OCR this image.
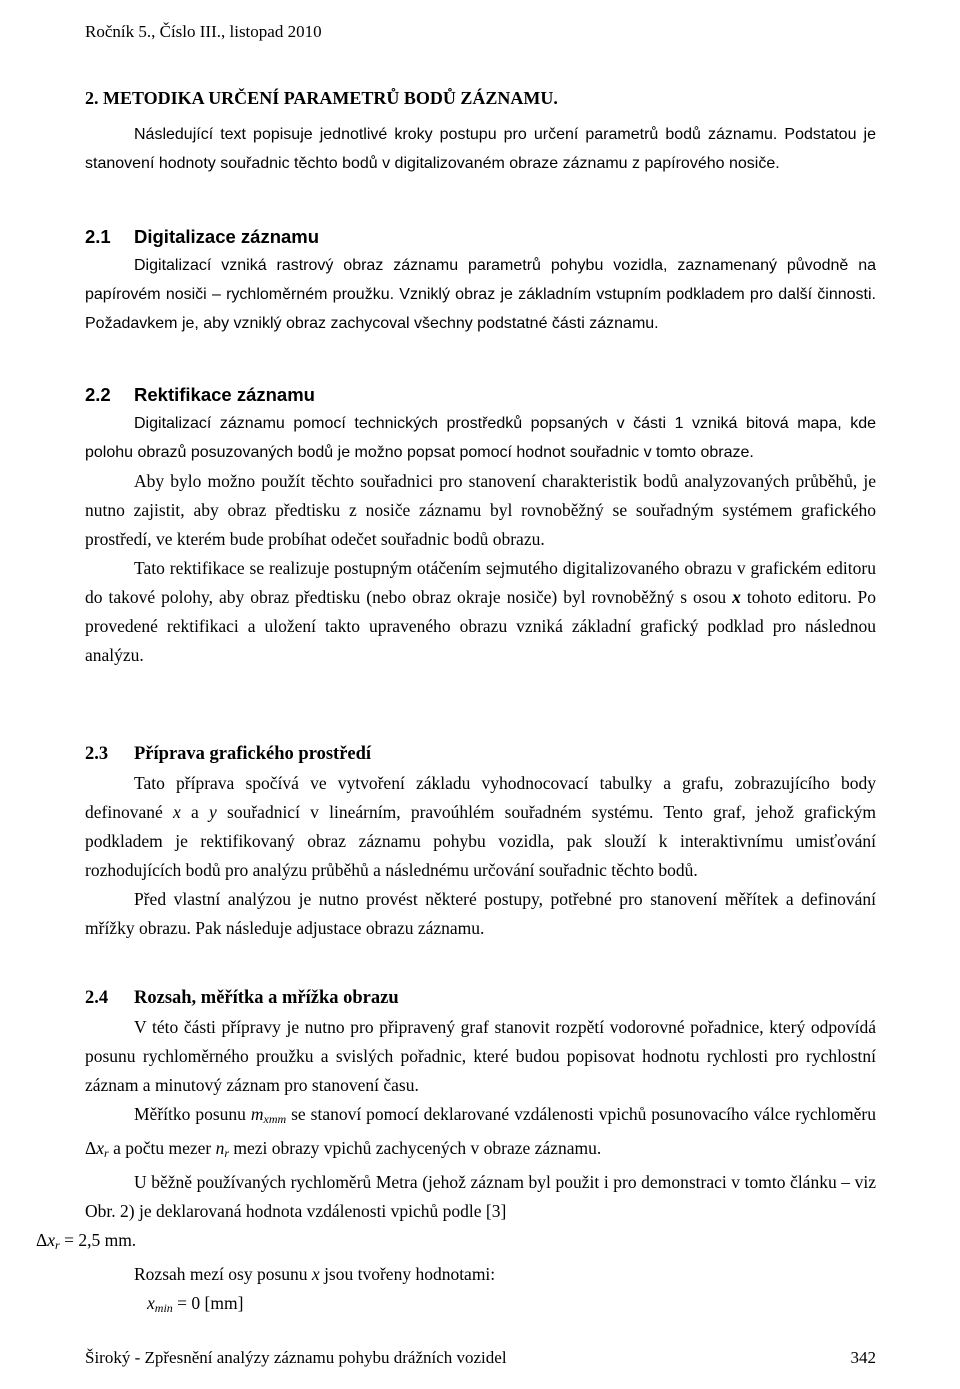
Ročník 5., Číslo III., listopad 2010
2. METODIKA URČENÍ PARAMETRŮ BODŮ ZÁZNAMU.

Následující text popisuje jednotlivé kroky postupu pro určení parametrů bodů záznamu. Podstatou je stanovení hodnoty souřadnic těchto bodů v digitalizovaném obraze záznamu z papírového nosiče.

2.1 Digitalizace záznamu

Digitalizací vzniká rastrový obraz záznamu parametrů pohybu vozidla, zaznamenaný původně na papírovém nosiči – rychloměrném proužku. Vzniklý obraz je základním vstupním podkladem pro další činnosti. Požadavkem je, aby vzniklý obraz zachycoval všechny podstatné části záznamu.

2.2 Rektifikace záznamu

Digitalizací záznamu pomocí technických prostředků popsaných v části 1 vzniká bitová mapa, kde polohu obrazů posuzovaných bodů je možno popsat pomocí hodnot souřadnic v tomto obraze.

Aby bylo možno použít těchto souřadnici pro stanovení charakteristik bodů analyzovaných průběhů, je nutno zajistit, aby obraz předtisku z nosiče záznamu byl rovnoběžný se souřadným systémem grafického prostředí, ve kterém bude probíhat odečet souřadnic bodů obrazu.

Tato rektifikace se realizuje postupným otáčením sejmutého digitalizovaného obrazu v grafickém editoru do takové polohy, aby obraz předtisku (nebo obraz okraje nosiče) byl rovnoběžný s osou x tohoto editoru. Po provedené rektifikaci a uložení takto upraveného obrazu vzniká základní grafický podklad pro následnou analýzu.

2.3 Příprava grafického prostředí

Tato příprava spočívá ve vytvoření základu vyhodnocovací tabulky a grafu, zobrazujícího body definované x a y souřadnicí v lineárním, pravoúhlém souřadném systému. Tento graf, jehož grafickým podkladem je rektifikovaný obraz záznamu pohybu vozidla, pak slouží k interaktivnímu umisťování rozhodujících bodů pro analýzu průběhů a následnému určování souřadnic těchto bodů.

Před vlastní analýzou je nutno provést některé postupy, potřebné pro stanovení měřítek a definování mřížky obrazu. Pak následuje adjustace obrazu záznamu.

2.4 Rozsah, měřítka a mřížka obrazu

V této části přípravy je nutno pro připravený graf stanovit rozpětí vodorovné pořadnice, který odpovídá posunu rychloměrného proužku a svislých pořadnic, které budou popisovat hodnotu rychlosti pro rychlostní záznam a minutový záznam pro stanovení času.

Měřítko posunu $m_{xmm}$ se stanoví pomocí deklarované vzdálenosti vpichů posunovacího válce rychloměru $\Delta x_r$ a počtu mezer $n_r$ mezi obrazy vpichů zachycených v obraze záznamu.

U běžně používaných rychloměrů Metra (jehož záznam byl použit i pro demonstraci v tomto článku – viz Obr. 2) je deklarovaná hodnota vzdálenosti vpichů podle [3]
$\Delta x_r = 2,5$ mm.

Rozsah mezí osy posunu x jsou tvořeny hodnotami:

$x_{min} = 0$ [mm]

Široký - Zpřesnění analýzy záznamu pohybu drážních vozidel	342
